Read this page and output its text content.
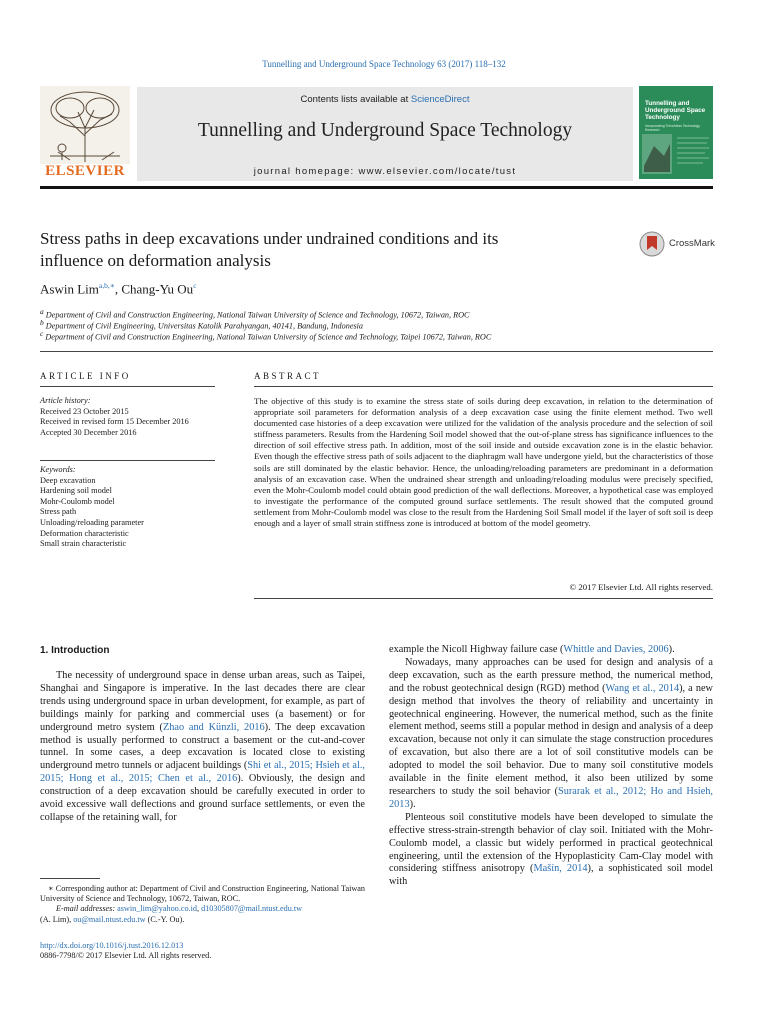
Tunnelling and Underground Space Technology 63 (2017) 118–132
ELSEVIER
Contents lists available at ScienceDirect
Tunnelling and Underground Space Technology
journal homepage: www.elsevier.com/locate/tust
Tunnelling and Underground Space Technology
incorporating Trenchless Technology Research
Stress paths in deep excavations under undrained conditions and its
influence on deformation analysis
CrossMark
Aswin Lim$^{a,b,∗}$, Chang-Yu Ou$^c$
$^a$ Department of Civil and Construction Engineering, National Taiwan University of Science and Technology, 10672, Taiwan, ROC
$^b$ Department of Civil Engineering, Universitas Katolik Parahyangan, 40141, Bandung, Indonesia
$^c$ Department of Civil and Construction Engineering, National Taiwan University of Science and Technology, Taipei 10672, Taiwan, ROC
ARTICLE INFO
Article history:
Received 23 October 2015
Received in revised form 15 December 2016
Accepted 30 December 2016
Keywords:
Deep excavation
Hardening soil model
Mohr-Coulomb model
Stress path
Unloading/reloading parameter
Deformation characteristic
Small strain characteristic
ABSTRACT
The objective of this study is to examine the stress state of soils during deep excavation, in relation to the determination of appropriate soil parameters for deformation analysis of a deep excavation case using the finite element method. Two well documented case histories of a deep excavation were utilized for the validation of the analysis procedure and the selection of soil stiffness parameters. Results from the Hardening Soil model showed that the out-of-plane stress has significance influences to the direction of soil effective stress path. In addition, most of the soil inside and outside excavation zone is in the elastic behavior. Even though the effective stress path of soils adjacent to the diaphragm wall have undergone yield, but the characteristics of those soils are still dominated by the elastic behavior. Hence, the unloading/reloading parameters are predominant in a deformation analysis of an excavation case. When the undrained shear strength and unloading/reloading modulus were precisely specified, even the Mohr-Coulomb model could obtain good prediction of the wall deflections. Moreover, a hypothetical case was employed to investigate the performance of the computed ground surface settlements. The result showed that the computed ground settlement from Mohr-Coulomb model was close to the result from the Hardening Soil Small model if the layer of soft soil is deep enough and a layer of small strain stiffness zone is introduced at bottom of the model geometry.
© 2017 Elsevier Ltd. All rights reserved.
1. Introduction

The necessity of underground space in dense urban areas, such as Taipei, Shanghai and Singapore is imperative. In the last decades there are clear trends using underground space in urban development, for example, as part of buildings mainly for parking and commercial uses (a basement) or for underground metro system (Zhao and Künzli, 2016). The deep excavation method is usually performed to construct a basement or the cut-and-cover tunnel. In some cases, a deep excavation is located close to existing underground metro tunnels or adjacent buildings (Shi et al., 2015; Hsieh et al., 2015; Hong et al., 2015; Chen et al., 2016). Obviously, the design and construction of a deep excavation should be carefully executed in order to avoid excessive wall deflections and ground surface settlements, or even the collapse of the retaining wall, for

example the Nicoll Highway failure case (Whittle and Davies, 2006).

Nowadays, many approaches can be used for design and analysis of a deep excavation, such as the earth pressure method, the numerical method, and the robust geotechnical design (RGD) method (Wang et al., 2014), a new design method that involves the theory of reliability and uncertainty in geotechnical engineering. However, the numerical method, such as the finite element method, seems still a popular method in design and analysis of a deep excavation, because not only it can simulate the stage construction procedures of excavation, but also there are a lot of soil constitutive models can be adopted to model the soil behavior. Due to many soil constitutive models available in the finite element method, it also been utilized by some researchers to study the soil behavior (Surarak et al., 2012; Ho and Hsieh, 2013).

Plenteous soil constitutive models have been developed to simulate the effective stress-strain-strength behavior of clay soil. Initiated with the Mohr-Coulomb model, a classic but widely performed in practical geotechnical engineering, until the extension of the Hypoplasticity Cam-Clay model with considering stiffness anisotropy (Mašín, 2014), a sophisticated soil model with

∗ Corresponding author at: Department of Civil and Construction Engineering, National Taiwan University of Science and Technology, 10672, Taiwan, ROC.
E-mail addresses: aswin_lim@yahoo.co.id, d10305807@mail.ntust.edu.tw
(A. Lim), ou@mail.ntust.edu.tw (C.-Y. Ou).
http://dx.doi.org/10.1016/j.tust.2016.12.013
0886-7798/© 2017 Elsevier Ltd. All rights reserved.
